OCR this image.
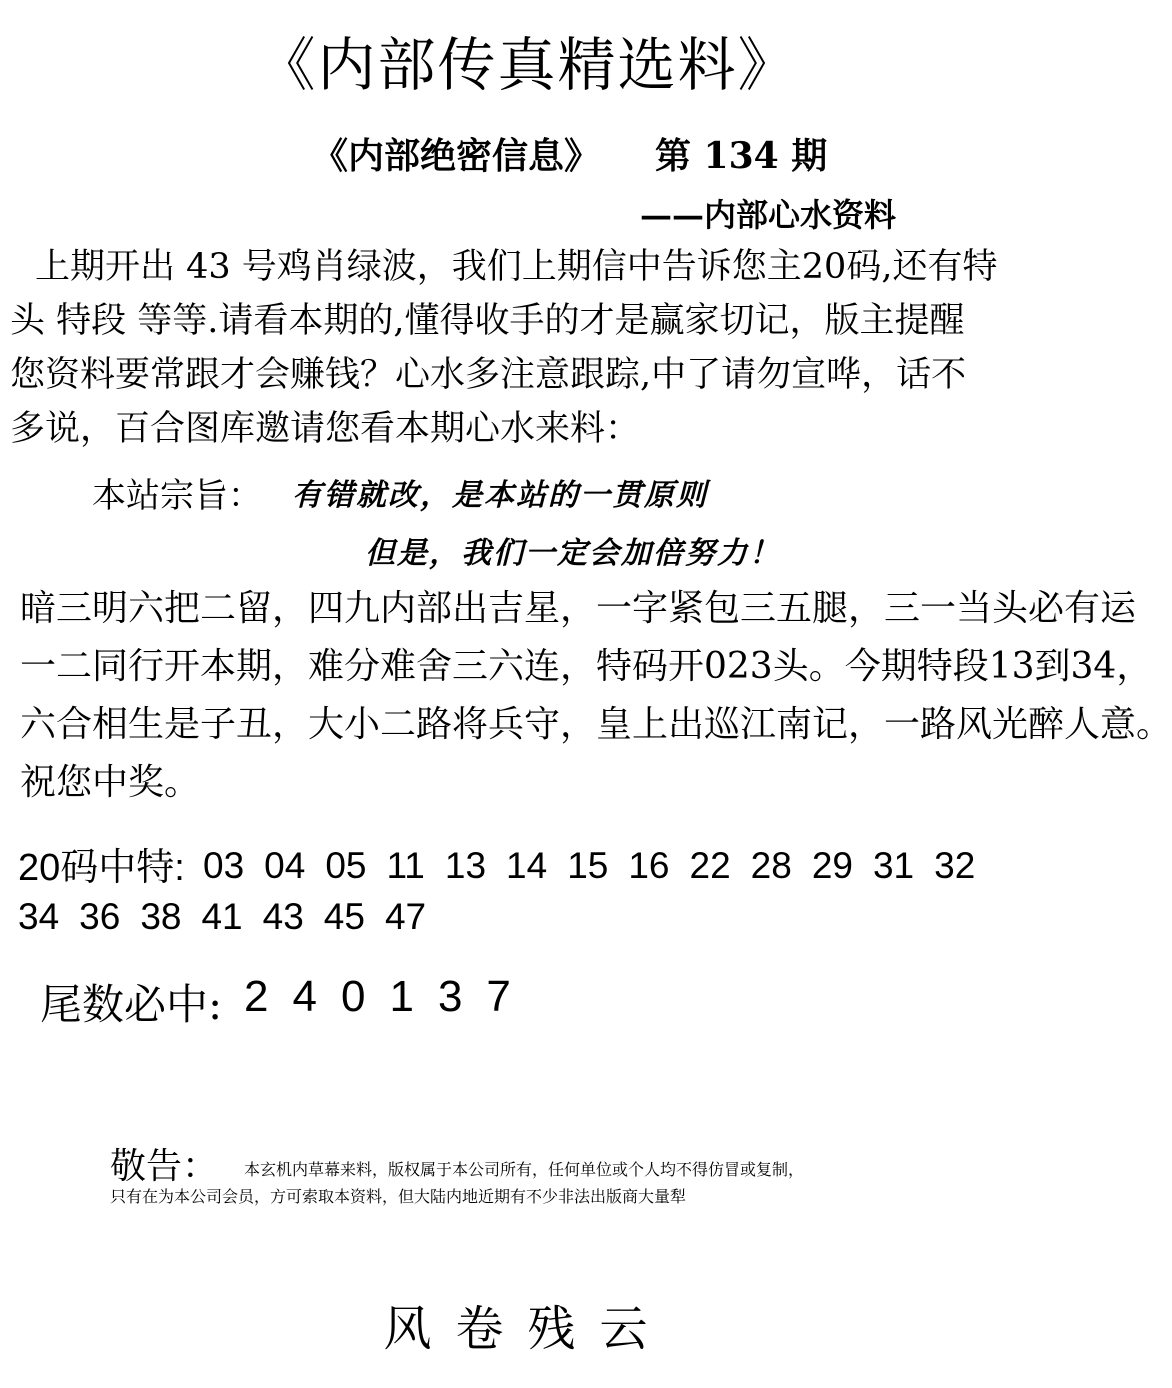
《内部传真精选料》
《内部绝密信息》 第 134 期
——内部心水资料
上期开出 43 号鸡肖绿波，我们上期信中告诉您主20码,还有特
头 特段 等等.请看本期的,懂得收手的才是赢家切记，版主提醒
您资料要常跟才会赚钱？心水多注意跟踪,中了请勿宣哗，话不
多说，百合图库邀请您看本期心水来料：
本站宗旨： 有错就改，是本站的一贯原则
但是，我们一定会加倍努力！
暗三明六把二留，四九内部出吉星，一字紧包三五腿，三一当头必有运
一二同行开本期，难分难舍三六连，特码开023头。今期特段13到34，
六合相生是子丑，大小二路将兵守，皇上出巡江南记，一路风光醉人意。
祝您中奖。
20码中特: 03 04 05 11 13 14 15 16 22 28 29 31 32
34 36 38 41 43 45 47
尾数必中: 2 4 0 1 3 7
敬告： 本玄机内草幕来料，版权属于本公司所有，任何单位或个人均不得仿冒或复制，
只有在为本公司会员，方可索取本资料，但大陆内地近期有不少非法出版商大量犁
风卷残云
